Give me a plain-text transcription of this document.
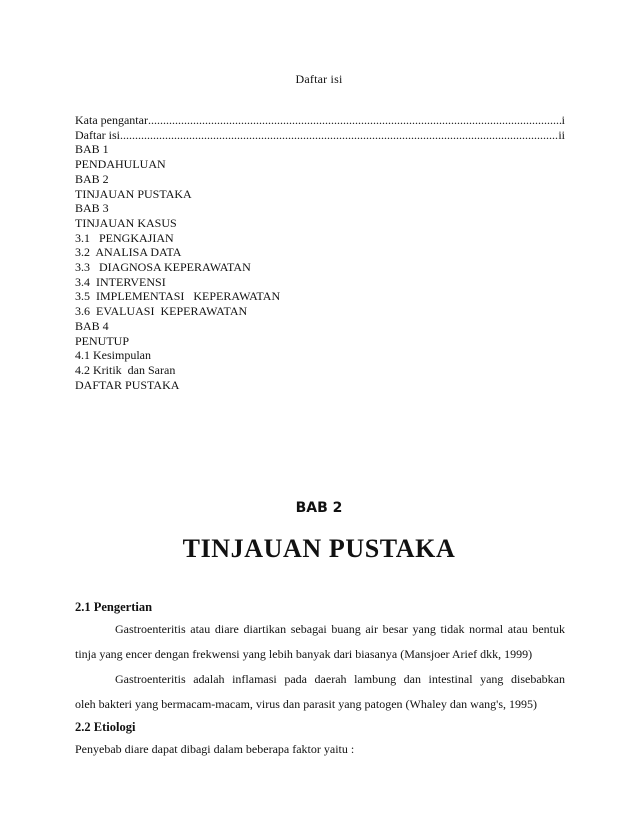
Daftar isi
Kata pengantar .....	i
Daftar isi .....	ii
BAB 1
PENDAHULUAN
BAB 2
TINJAUAN PUSTAKA
BAB 3
TINJAUAN KASUS
3.1   PENGKAJIAN
3.2  ANALISA DATA
3.3   DIAGNOSA KEPERAWATAN
3.4  INTERVENSI
3.5  IMPLEMENTASI   KEPERAWATAN
3.6  EVALUASI  KEPERAWATAN
BAB 4
PENUTUP
4.1 Kesimpulan
4.2 Kritik  dan Saran
DAFTAR PUSTAKA
BAB 2
TINJAUAN PUSTAKA
2.1 Pengertian
Gastroenteritis atau diare diartikan sebagai buang air besar yang tidak normal atau bentuk
tinja yang encer dengan frekwensi yang lebih banyak dari biasanya (Mansjoer Arief dkk, 1999)
Gastroenteritis adalah inflamasi pada daerah lambung dan intestinal yang disebabkan
oleh bakteri yang bermacam-macam, virus dan parasit yang patogen (Whaley dan wang's, 1995)
2.2 Etiologi
Penyebab diare dapat dibagi dalam beberapa faktor yaitu :
